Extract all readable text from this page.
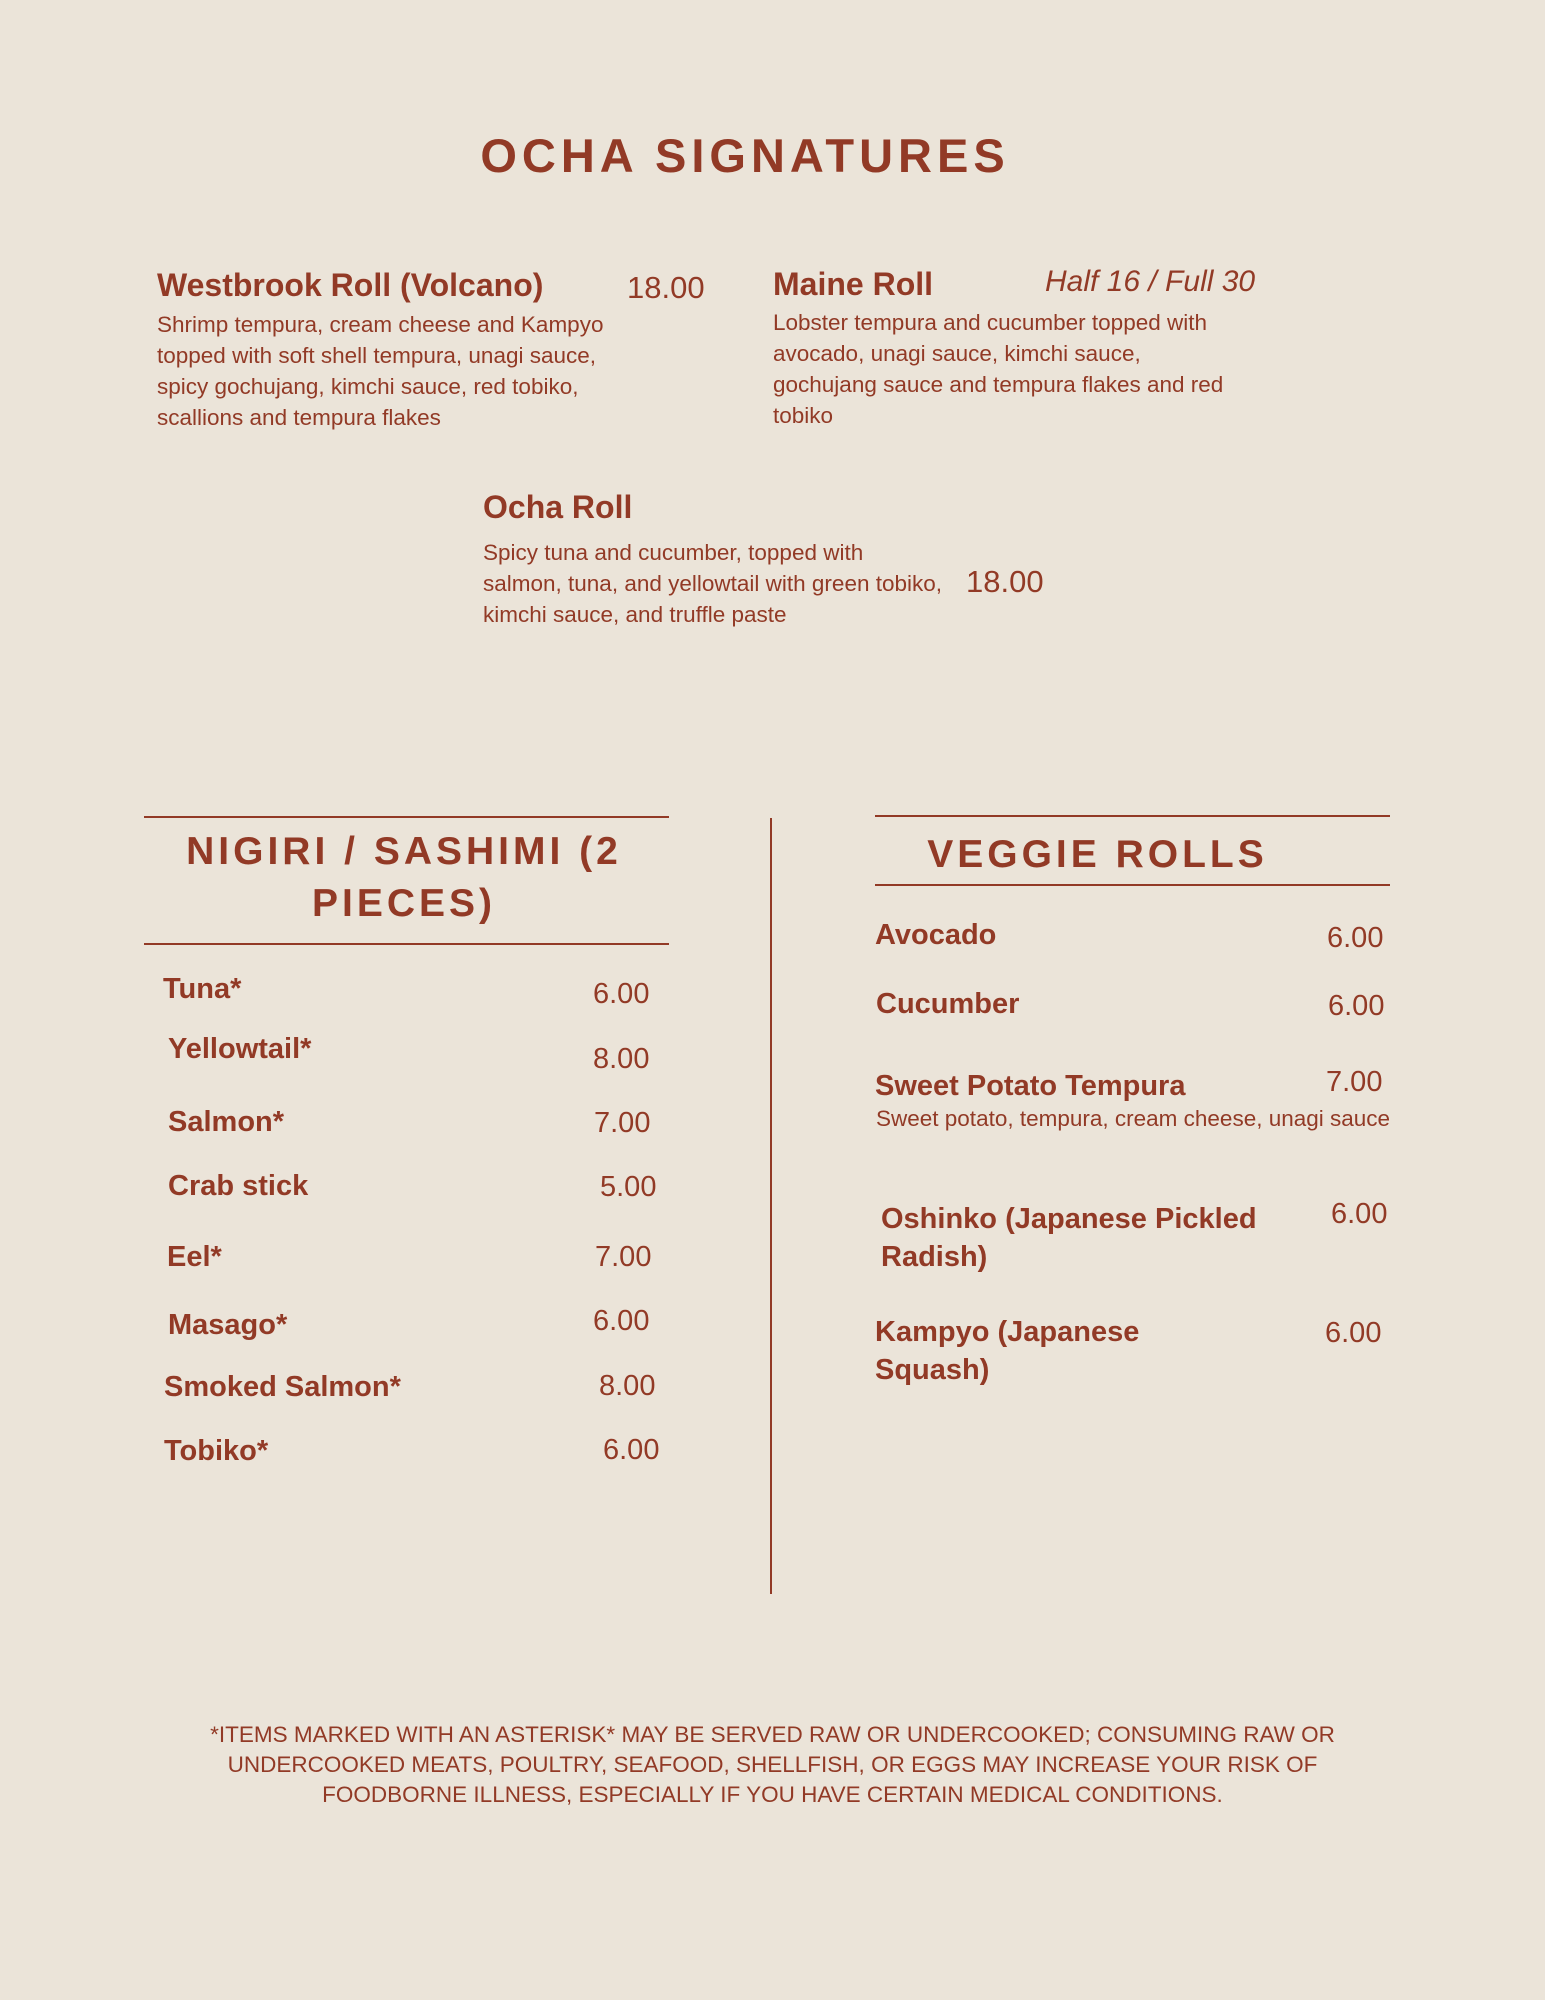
OCHA SIGNATURES
Westbrook Roll (Volcano)	18.00
Shrimp tempura, cream cheese and Kampyo topped with soft shell tempura, unagi sauce, spicy gochujang, kimchi sauce, red tobiko, scallions and tempura flakes
Maine Roll	Half 16 / Full 30
Lobster tempura and cucumber topped with avocado, unagi sauce, kimchi sauce, gochujang sauce and tempura flakes and red tobiko
Ocha Roll
Spicy tuna and cucumber, topped with salmon, tuna, and yellowtail with green tobiko, kimchi sauce, and truffle paste
18.00
NIGIRI / SASHIMI (2 PIECES)
Tuna*	6.00
Yellowtail*	8.00
Salmon*	7.00
Crab stick	5.00
Eel*	7.00
Masago*	6.00
Smoked Salmon*	8.00
Tobiko*	6.00
VEGGIE ROLLS
Avocado	6.00
Cucumber	6.00
Sweet Potato Tempura	7.00
Sweet potato, tempura, cream cheese, unagi sauce
Oshinko (Japanese Pickled Radish)
6.00
Kampyo (Japanese Squash)
6.00
*ITEMS MARKED WITH AN ASTERISK* MAY BE SERVED RAW OR UNDERCOOKED; CONSUMING RAW OR UNDERCOOKED MEATS, POULTRY, SEAFOOD, SHELLFISH, OR EGGS MAY INCREASE YOUR RISK OF FOODBORNE ILLNESS, ESPECIALLY IF YOU HAVE CERTAIN MEDICAL CONDITIONS.
